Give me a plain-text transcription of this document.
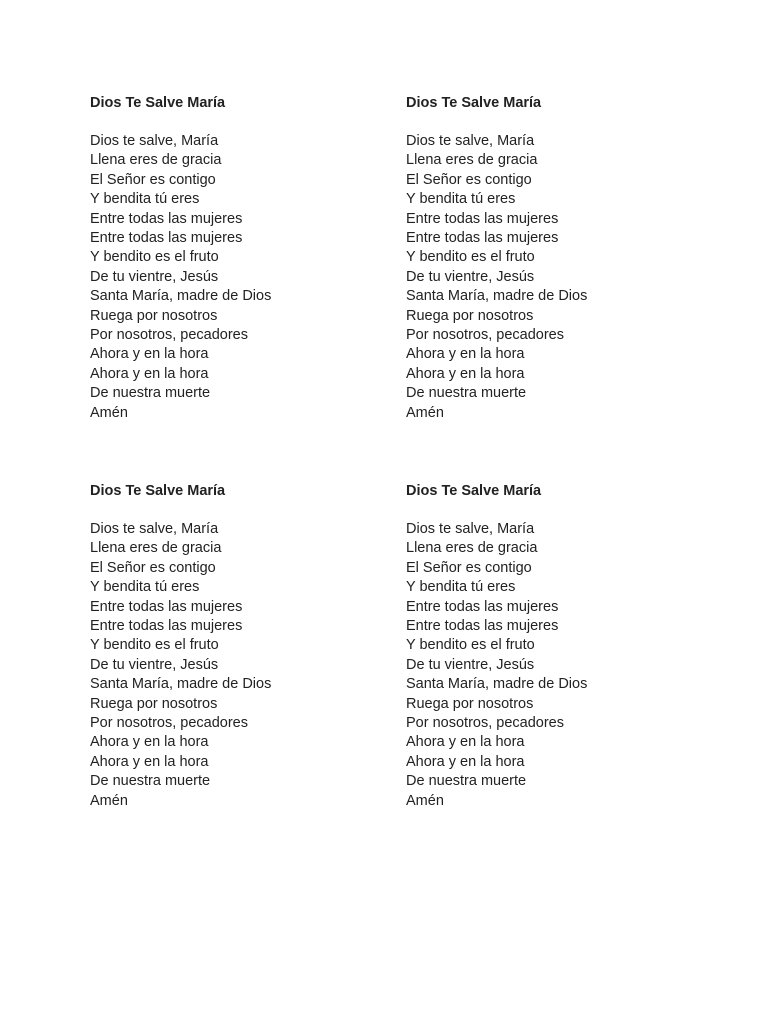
Dios Te Salve María
Dios te salve, María
Llena eres de gracia
El Señor es contigo
Y bendita tú eres
Entre todas las mujeres
Entre todas las mujeres
Y bendito es el fruto
De tu vientre, Jesús
Santa María, madre de Dios
Ruega por nosotros
Por nosotros, pecadores
Ahora y en la hora
Ahora y en la hora
De nuestra muerte
Amén
Dios Te Salve María
Dios te salve, María
Llena eres de gracia
El Señor es contigo
Y bendita tú eres
Entre todas las mujeres
Entre todas las mujeres
Y bendito es el fruto
De tu vientre, Jesús
Santa María, madre de Dios
Ruega por nosotros
Por nosotros, pecadores
Ahora y en la hora
Ahora y en la hora
De nuestra muerte
Amén
Dios Te Salve María
Dios te salve, María
Llena eres de gracia
El Señor es contigo
Y bendita tú eres
Entre todas las mujeres
Entre todas las mujeres
Y bendito es el fruto
De tu vientre, Jesús
Santa María, madre de Dios
Ruega por nosotros
Por nosotros, pecadores
Ahora y en la hora
Ahora y en la hora
De nuestra muerte
Amén
Dios Te Salve María
Dios te salve, María
Llena eres de gracia
El Señor es contigo
Y bendita tú eres
Entre todas las mujeres
Entre todas las mujeres
Y bendito es el fruto
De tu vientre, Jesús
Santa María, madre de Dios
Ruega por nosotros
Por nosotros, pecadores
Ahora y en la hora
Ahora y en la hora
De nuestra muerte
Amén
